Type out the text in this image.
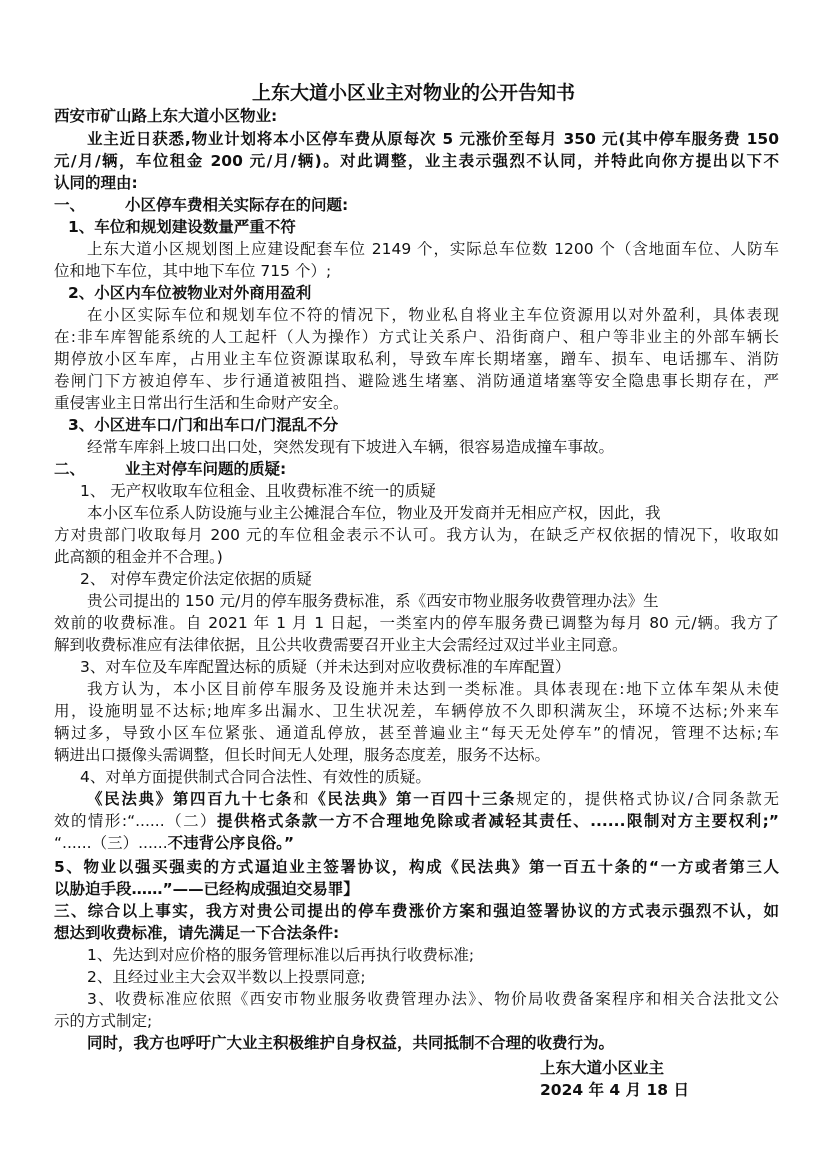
上东大道小区业主对物业的公开告知书
西安市矿山路上东大道小区物业:
业主近日获悉,物业计划将本小区停车费从原每次 5 元涨价至每月 350 元(其中停车服务费 150
元/月/辆，车位租金 200 元/月/辆)。对此调整，业主表示强烈不认同，并特此向你方提出以下不
认同的理由:
一、	小区停车费相关实际存在的问题:
1、车位和规划建设数量严重不符
上东大道小区规划图上应建设配套车位 2149 个，实际总车位数 1200 个（含地面车位、人防车
位和地下车位，其中地下车位 715 个）;
2、小区内车位被物业对外商用盈利
在小区实际车位和规划车位不符的情况下，物业私自将业主车位资源用以对外盈利，具体表现
在:非车库智能系统的人工起杆（人为操作）方式让关系户、沿街商户、租户等非业主的外部车辆长
期停放小区车库，占用业主车位资源谋取私利，导致车库长期堵塞，蹭车、损车、电话挪车、消防
卷闸门下方被迫停车、步行通道被阻挡、避险逃生堵塞、消防通道堵塞等安全隐患事长期存在，严
重侵害业主日常出行生活和生命财产安全。
3、小区进车口/门和出车口/门混乱不分
经常车库斜上坡口出口处，突然发现有下坡进入车辆，很容易造成撞车事故。
二、	业主对停车问题的质疑:
1、 无产权收取车位租金、且收费标准不统一的质疑
本小区车位系人防设施与业主公摊混合车位，物业及开发商并无相应产权，因此，我
方对贵部门收取每月 200 元的车位租金表示不认可。我方认为，在缺乏产权依据的情况下，收取如
此高额的租金并不合理。)
2、 对停车费定价法定依据的质疑
贵公司提出的 150 元/月的停车服务费标准，系《西安市物业服务收费管理办法》生
效前的收费标准。自 2021 年 1 月 1 日起，一类室内的停车服务费已调整为每月 80 元/辆。我方了
解到收费标准应有法律依据，且公共收费需要召开业主大会需经过双过半业主同意。
3、对车位及车库配置达标的质疑（并未达到对应收费标准的车库配置）
我方认为，本小区目前停车服务及设施并未达到一类标准。具体表现在:地下立体车架从未使
用，设施明显不达标;地库多出漏水、卫生状况差，车辆停放不久即积满灰尘，环境不达标;外来车
辆过多，导致小区车位紧张、通道乱停放，甚至普遍业主“每天无处停车”的情况，管理不达标;车
辆进出口摄像头需调整，但长时间无人处理，服务态度差，服务不达标。
4、对单方面提供制式合同合法性、有效性的质疑。
《民法典》第四百九十七条和《民法典》第一百四十三条规定的，提供格式协议/合同条款无
效的情形:“......（二）提供格式条款一方不合理地免除或者减轻其责任、......限制对方主要权利;”
“......（三）......不违背公序良俗。”
5、物业以强买强卖的方式逼迫业主签署协议，构成《民法典》第一百五十条的“一方或者第三人
以胁迫手段……”——已经构成强迫交易罪】
三、综合以上事实，我方对贵公司提出的停车费涨价方案和强迫签署协议的方式表示强烈不认，如
想达到收费标准，请先满足一下合法条件:
1、先达到对应价格的服务管理标准以后再执行收费标准;
2、且经过业主大会双半数以上投票同意;
3、收费标准应依照《西安市物业服务收费管理办法》、物价局收费备案程序和相关合法批文公
示的方式制定;
同时，我方也呼吁广大业主积极维护自身权益，共同抵制不合理的收费行为。
上东大道小区业主
2024 年 4 月 18 日
